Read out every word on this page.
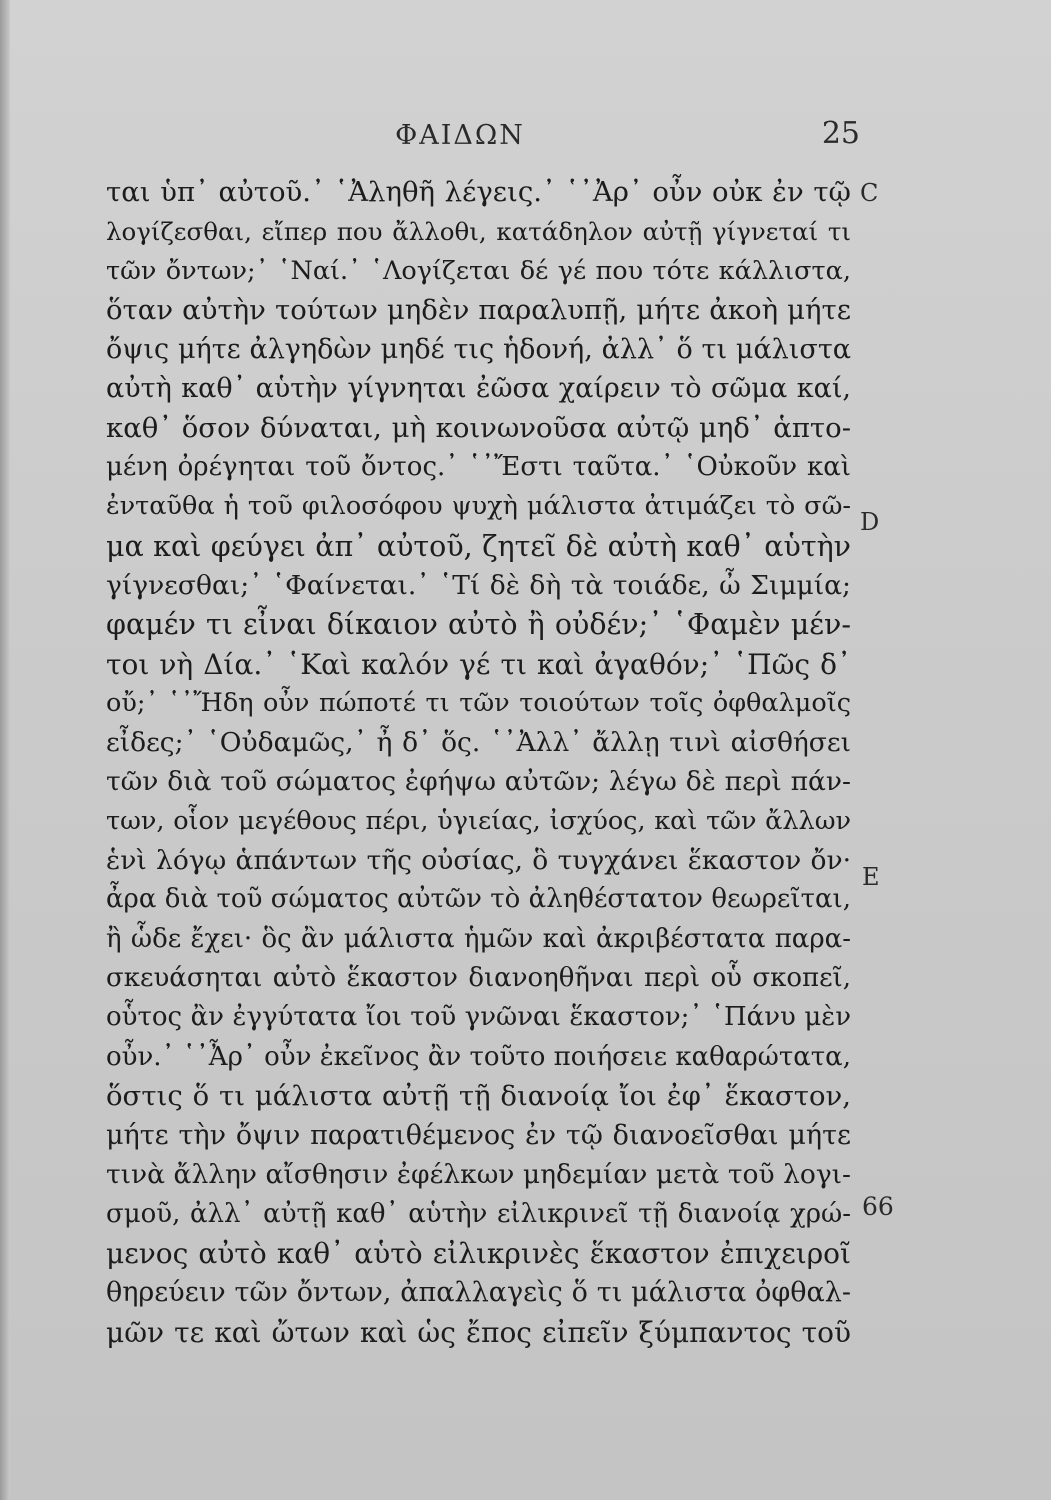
ΦΑΙΔΩΝ	25
C
D
E
66
ται ὑπ᾽ αὐτοῦ.᾽ ῾Ἀληθῆ λέγεις.᾽ ῾᾽Ἀρ᾽ οὖν οὐκ ἐν τῷ
λογίζεσθαι, εἴπερ που ἄλλοθι, κατάδηλον αὐτῇ γίγνεταί τι
τῶν ὄντων;᾽ ῾Ναί.᾽ ῾Λογίζεται δέ γέ που τότε κάλλιστα,
ὅταν αὐτὴν τούτων μηδὲν παραλυπῇ, μήτε ἀκοὴ μήτε
ὄψις μήτε ἀλγηδὼν μηδέ τις ἡδονή, ἀλλ᾽ ὅ τι μάλιστα
αὐτὴ καθ᾽ αὑτὴν γίγνηται ἐῶσα χαίρειν τὸ σῶμα καί,
καθ᾽ ὅσον δύναται, μὴ κοινωνοῦσα αὐτῷ μηδ᾽ ἁπτο-
μένη ὀρέγηται τοῦ ὄντος.᾽ ῾᾽Ἔστι ταῦτα.᾽ ῾Οὐκοῦν καὶ
ἐνταῦθα ἡ τοῦ φιλοσόφου ψυχὴ μάλιστα ἀτιμάζει τὸ σῶ-
μα καὶ φεύγει ἀπ᾽ αὐτοῦ, ζητεῖ δὲ αὐτὴ καθ᾽ αὑτὴν
γίγνεσθαι;᾽ ῾Φαίνεται.᾽ ῾Τί δὲ δὴ τὰ τοιάδε, ὦ Σιμμία;
φαμέν τι εἶναι δίκαιον αὐτὸ ἢ οὐδέν;᾽ ῾Φαμὲν μέν-
τοι νὴ Δία.᾽ ῾Καὶ καλόν γέ τι καὶ ἀγαθόν;᾽ ῾Πῶς δ᾽
οὔ;᾽ ῾᾽Ἤδη οὖν πώποτέ τι τῶν τοιούτων τοῖς ὀφθαλμοῖς
εἶδες;᾽ ῾Οὐδαμῶς,᾽ ἦ δ᾽ ὅς. ῾᾽Ἀλλ᾽ ἄλλῃ τινὶ αἰσθήσει
τῶν διὰ τοῦ σώματος ἐφήψω αὐτῶν; λέγω δὲ περὶ πάν-
των, οἷον μεγέθους πέρι, ὑγιείας, ἰσχύος, καὶ τῶν ἄλλων
ἑνὶ λόγῳ ἁπάντων τῆς οὐσίας, ὃ τυγχάνει ἕκαστον ὄν·
ἆρα διὰ τοῦ σώματος αὐτῶν τὸ ἀληθέστατον θεωρεῖται,
ἢ ὧδε ἔχει· ὃς ἂν μάλιστα ἡμῶν καὶ ἀκριβέστατα παρα-
σκευάσηται αὐτὸ ἕκαστον διανοηθῆναι περὶ οὗ σκοπεῖ,
οὗτος ἂν ἐγγύτατα ἴοι τοῦ γνῶναι ἕκαστον;᾽ ῾Πάνυ μὲν
οὖν.᾽ ῾᾽Ἆρ᾽ οὖν ἐκεῖνος ἂν τοῦτο ποιήσειε καθαρώτατα,
ὅστις ὅ τι μάλιστα αὐτῇ τῇ διανοίᾳ ἴοι ἐφ᾽ ἕκαστον,
μήτε τὴν ὄψιν παρατιθέμενος ἐν τῷ διανοεῖσθαι μήτε
τινὰ ἄλλην αἴσθησιν ἐφέλκων μηδεμίαν μετὰ τοῦ λογι-
σμοῦ, ἀλλ᾽ αὐτῇ καθ᾽ αὑτὴν εἰλικρινεῖ τῇ διανοίᾳ χρώ-
μενος αὐτὸ καθ᾽ αὑτὸ εἰλικρινὲς ἕκαστον ἐπιχειροῖ
θηρεύειν τῶν ὄντων, ἀπαλλαγεὶς ὅ τι μάλιστα ὀφθαλ-
μῶν τε καὶ ὤτων καὶ ὡς ἔπος εἰπεῖν ξύμπαντος τοῦ
